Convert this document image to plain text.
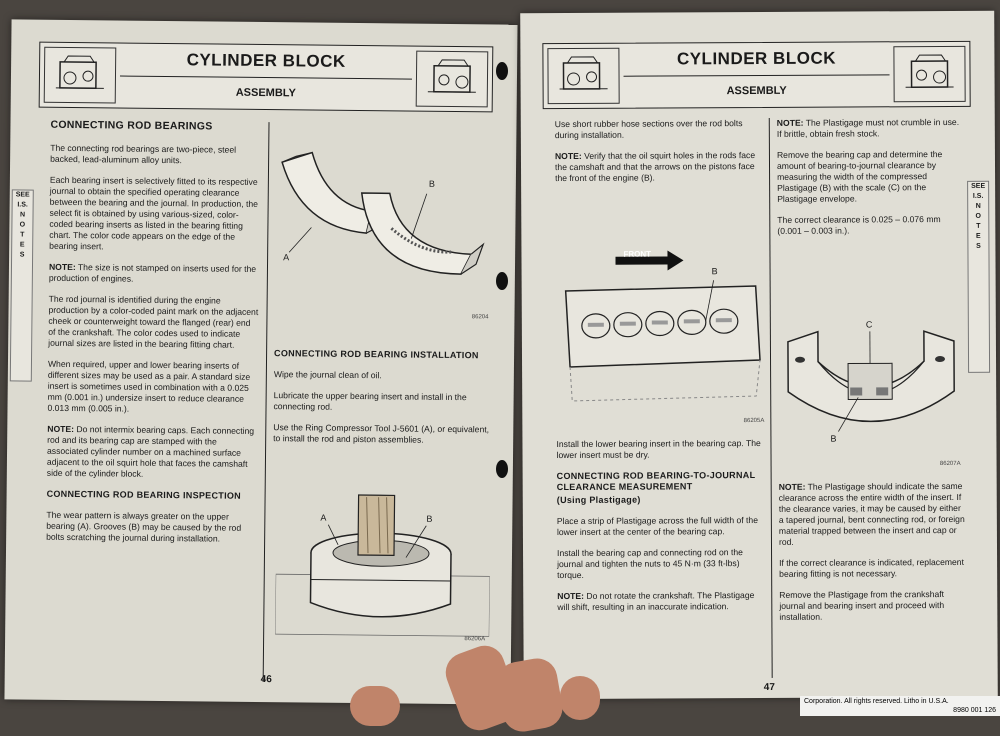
CYLINDER BLOCK
ASSEMBLY
SEE
I.S.
N
O
T
E
S
CONNECTING ROD BEARINGS

The connecting rod bearings are two-piece, steel backed, lead-aluminum alloy units.

Each bearing insert is selectively fitted to its respective journal to obtain the specified operating clearance between the bearing and the journal. In production, the select fit is obtained by using various-sized, color-coded bearing inserts as listed in the bearing fitting chart. The color code appears on the edge of the bearing insert.

NOTE: The size is not stamped on inserts used for the production of engines.

The rod journal is identified during the engine production by a color-coded paint mark on the adjacent cheek or counterweight toward the flanged (rear) end of the crankshaft. The color codes used to indicate journal sizes are listed in the bearing fitting chart.

When required, upper and lower bearing inserts of different sizes may be used as a pair. A standard size insert is sometimes used in combination with a 0.025 mm (0.001 in.) undersize insert to reduce clearance 0.013 mm (0.005 in.).

NOTE: Do not intermix bearing caps. Each connecting rod and its bearing cap are stamped with the associated cylinder number on a machined surface adjacent to the oil squirt hole that faces the camshaft side of the cylinder block.

CONNECTING ROD BEARING INSPECTION

The wear pattern is always greater on the upper bearing (A). Grooves (B) may be caused by the rod bolts scratching the journal during installation.

A
B
86204
CONNECTING ROD BEARING INSTALLATION

Wipe the journal clean of oil.

Lubricate the upper bearing insert and install in the connecting rod.

Use the Ring Compressor Tool J-5601 (A), or equivalent, to install the rod and piston assemblies.

A	B
86206A
46
CYLINDER BLOCK
ASSEMBLY
SEE
I.S.
N
O
T
E
S

Use short rubber hose sections over the rod bolts during installation.

NOTE: Verify that the oil squirt holes in the rods face the camshaft and that the arrows on the pistons face the front of the engine (B).

FRONT
B
86205A

Install the lower bearing insert in the bearing cap. The lower insert must be dry.

CONNECTING ROD BEARING-TO-JOURNAL CLEARANCE MEASUREMENT
(Using Plastigage)

Place a strip of Plastigage across the full width of the lower insert at the center of the bearing cap.

Install the bearing cap and connecting rod on the journal and tighten the nuts to 45 N·m (33 ft-lbs) torque.

NOTE: Do not rotate the crankshaft. The Plastigage will shift, resulting in an inaccurate indication.

NOTE: The Plastigage must not crumble in use. If brittle, obtain fresh stock.

Remove the bearing cap and determine the amount of bearing-to-journal clearance by measuring the width of the compressed Plastigage (B) with the scale (C) on the Plastigage envelope.

The correct clearance is 0.025 – 0.076 mm (0.001 – 0.003 in.).

C
B
86207A

NOTE: The Plastigage should indicate the same clearance across the entire width of the insert. If the clearance varies, it may be caused by either a tapered journal, bent connecting rod, or foreign material trapped between the insert and cap or rod.

If the correct clearance is indicated, replacement bearing fitting is not necessary.

Remove the Plastigage from the crankshaft journal and bearing insert and proceed with installation.

47
Corporation. All rights reserved. Litho in U.S.A.
8980 001 126
